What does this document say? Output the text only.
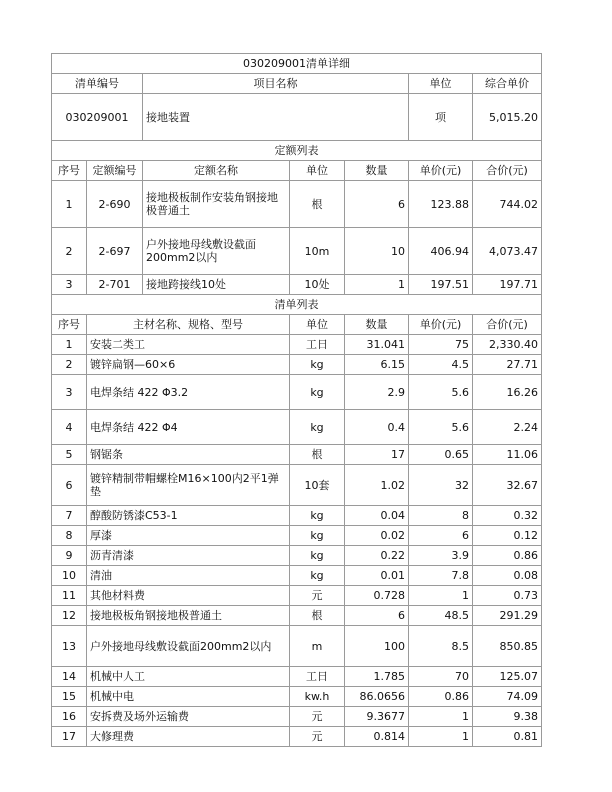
030209001清单详细						
清单编号		项目名称			单位	综合单价
030209001		接地装置			项	5,015.20
定额列表						
序号	定额编号	定额名称	单位	数量	单价(元)	合价(元)
1	2-690	接地极板制作安装角钢接地极普通土	根	6	123.88	744.02
2	2-697	户外接地母线敷设截面200mm2以内	10m	10	406.94	4,073.47
3	2-701	接地跨接线10处	10处	1	197.51	197.71
清单列表						
序号	主材名称、规格、型号		单位	数量	单价(元)	合价(元)
1	安装二类工		工日	31.041	75	2,330.40
2	镀锌扁钢—60×6		kg	6.15	4.5	27.71
3	电焊条结 422 Φ3.2		kg	2.9	5.6	16.26
4	电焊条结 422 Φ4		kg	0.4	5.6	2.24
5	钢锯条		根	17	0.65	11.06
6	镀锌精制带帽螺栓M16×100内2平1弹垫		10套	1.02	32	32.67
7	醇酸防锈漆C53-1		kg	0.04	8	0.32
8	厚漆		kg	0.02	6	0.12
9	沥青清漆		kg	0.22	3.9	0.86
10	清油		kg	0.01	7.8	0.08
11	其他材料费		元	0.728	1	0.73
12	接地极板角钢接地极普通土		根	6	48.5	291.29
13	户外接地母线敷设截面200mm2以内		m	100	8.5	850.85
14	机械中人工		工日	1.785	70	125.07
15	机械中电		kw.h	86.0656	0.86	74.09
16	安拆费及场外运输费		元	9.3677	1	9.38
17	大修理费		元	0.814	1	0.81
